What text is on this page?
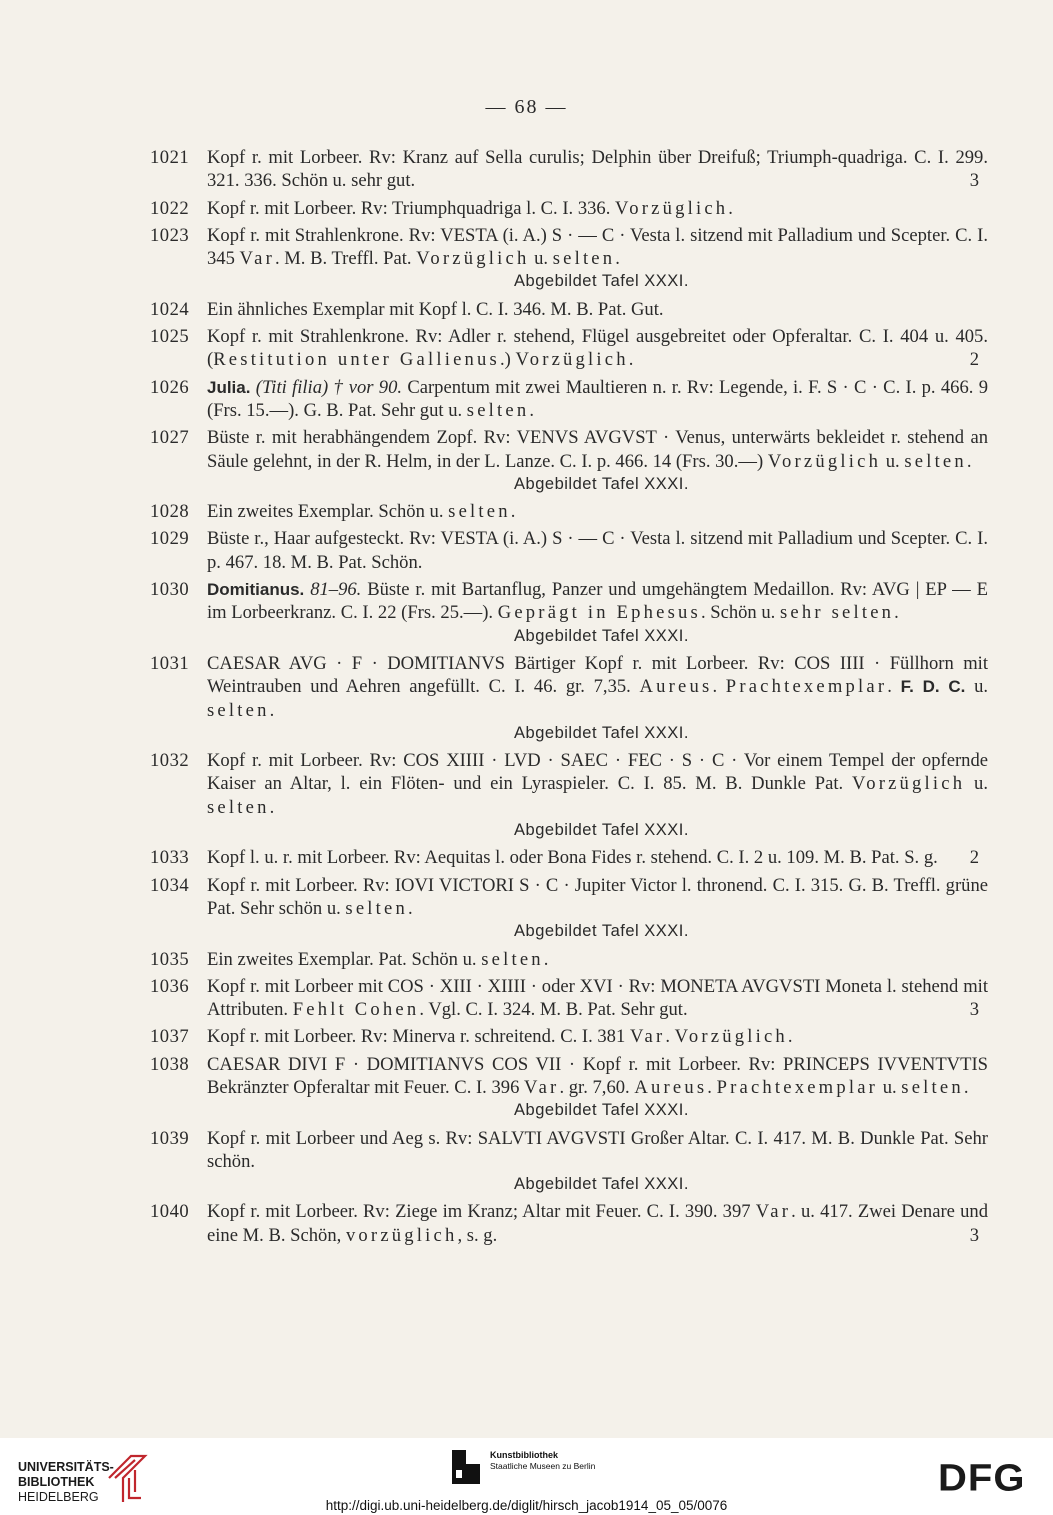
— 68 —
1021 Kopf r. mit Lorbeer. Rv: Kranz auf Sella curulis; Delphin über Dreifuß; Triumph-quadriga. C. I. 299. 321. 336. Schön u. sehr gut.	3
1022 Kopf r. mit Lorbeer. Rv: Triumphquadriga l. C. I. 336. Vorzüglich.
1023 Kopf r. mit Strahlenkrone. Rv: VESTA (i. A.) S · — C · Vesta l. sitzend mit Palladium und Scepter. C. I. 345 Var. M. B. Treffl. Pat. Vorzüglich u. selten.
Abgebildet Tafel XXXI.
1024 Ein ähnliches Exemplar mit Kopf l. C. I. 346. M. B. Pat. Gut.
1025 Kopf r. mit Strahlenkrone. Rv: Adler r. stehend, Flügel ausgebreitet oder Opferaltar. C. I. 404 u. 405. (Restitution unter Gallienus.) Vorzüglich.	2
1026	Julia. (Titi filia) † vor 90. Carpentum mit zwei Maultieren n. r. Rv: Legende, i. F. S · C · C. I. p. 466. 9 (Frs. 15.—). G. B. Pat. Sehr gut u. selten.
1027 Büste r. mit herabhängendem Zopf. Rv: VENVS AVGVST · Venus, unterwärts bekleidet r. stehend an Säule gelehnt, in der R. Helm, in der L. Lanze. C. I. p. 466. 14 (Frs. 30.—) Vorzüglich u. selten.
Abgebildet Tafel XXXI.
1028 Ein zweites Exemplar. Schön u. selten.
1029 Büste r., Haar aufgesteckt. Rv: VESTA (i. A.) S · — C · Vesta l. sitzend mit Palladium und Scepter. C. I. p. 467. 18. M. B. Pat. Schön.
1030	Domitianus. 81–96. Büste r. mit Bartanflug, Panzer und umgehängtem Medaillon. Rv: AVG | EP — E im Lorbeerkranz. C. I. 22 (Frs. 25.—). Geprägt in Ephesus. Schön u. sehr selten.
Abgebildet Tafel XXXI.
1031 CAESAR AVG · F · DOMITIANVS Bärtiger Kopf r. mit Lorbeer. Rv: COS IIII · Füllhorn mit Weintrauben und Aehren angefüllt. C. I. 46. gr. 7,35. Aureus. Prachtexemplar. F. D. C. u. selten.
Abgebildet Tafel XXXI.
1032 Kopf r. mit Lorbeer. Rv: COS XIIII · LVD · SAEC · FEC · S · C · Vor einem Tempel der opfernde Kaiser an Altar, l. ein Flöten- und ein Lyraspieler. C. I. 85. M. B. Dunkle Pat. Vorzüglich u. selten.
Abgebildet Tafel XXXI.
1033 Kopf l. u. r. mit Lorbeer. Rv: Aequitas l. oder Bona Fides r. stehend. C. I. 2 u. 109. M. B. Pat. S. g. 2
1034 Kopf r. mit Lorbeer. Rv: IOVI VICTORI S · C · Jupiter Victor l. thronend. C. I. 315. G. B. Treffl. grüne Pat. Sehr schön u. selten.
Abgebildet Tafel XXXI.
1035 Ein zweites Exemplar. Pat. Schön u. selten.
1036 Kopf r. mit Lorbeer mit COS · XIII · XIIII · oder XVI · Rv: MONETA AVGVSTI Moneta l. stehend mit Attributen. Fehlt Cohen. Vgl. C. I. 324. M. B. Pat. Sehr gut.	3
1037 Kopf r. mit Lorbeer. Rv: Minerva r. schreitend. C. I. 381 Var. Vorzüglich.
1038 CAESAR DIVI F · DOMITIANVS COS VII · Kopf r. mit Lorbeer. Rv: PRINCEPS IVVENTVTIS Bekränzter Opferaltar mit Feuer. C. I. 396 Var. gr. 7,60. Aureus. Prachtexemplar u. selten.
Abgebildet Tafel XXXI.
1039 Kopf r. mit Lorbeer und Aeg s. Rv: SALVTI AVGVSTI Großer Altar. C. I. 417. M. B. Dunkle Pat. Sehr schön.
Abgebildet Tafel XXXI.
1040 Kopf r. mit Lorbeer. Rv: Ziege im Kranz; Altar mit Feuer. C. I. 390. 397 Var. u. 417. Zwei Denare und eine M. B. Schön, vorzüglich, s. g.	3
UNIVERSITÄTS-
BIBLIOTHEK
HEIDELBERG
Kunstbibliothek
Staatliche Museen zu Berlin	DFG
http://digi.ub.uni-heidelberg.de/diglit/hirsch_jacob1914_05_05/0076
